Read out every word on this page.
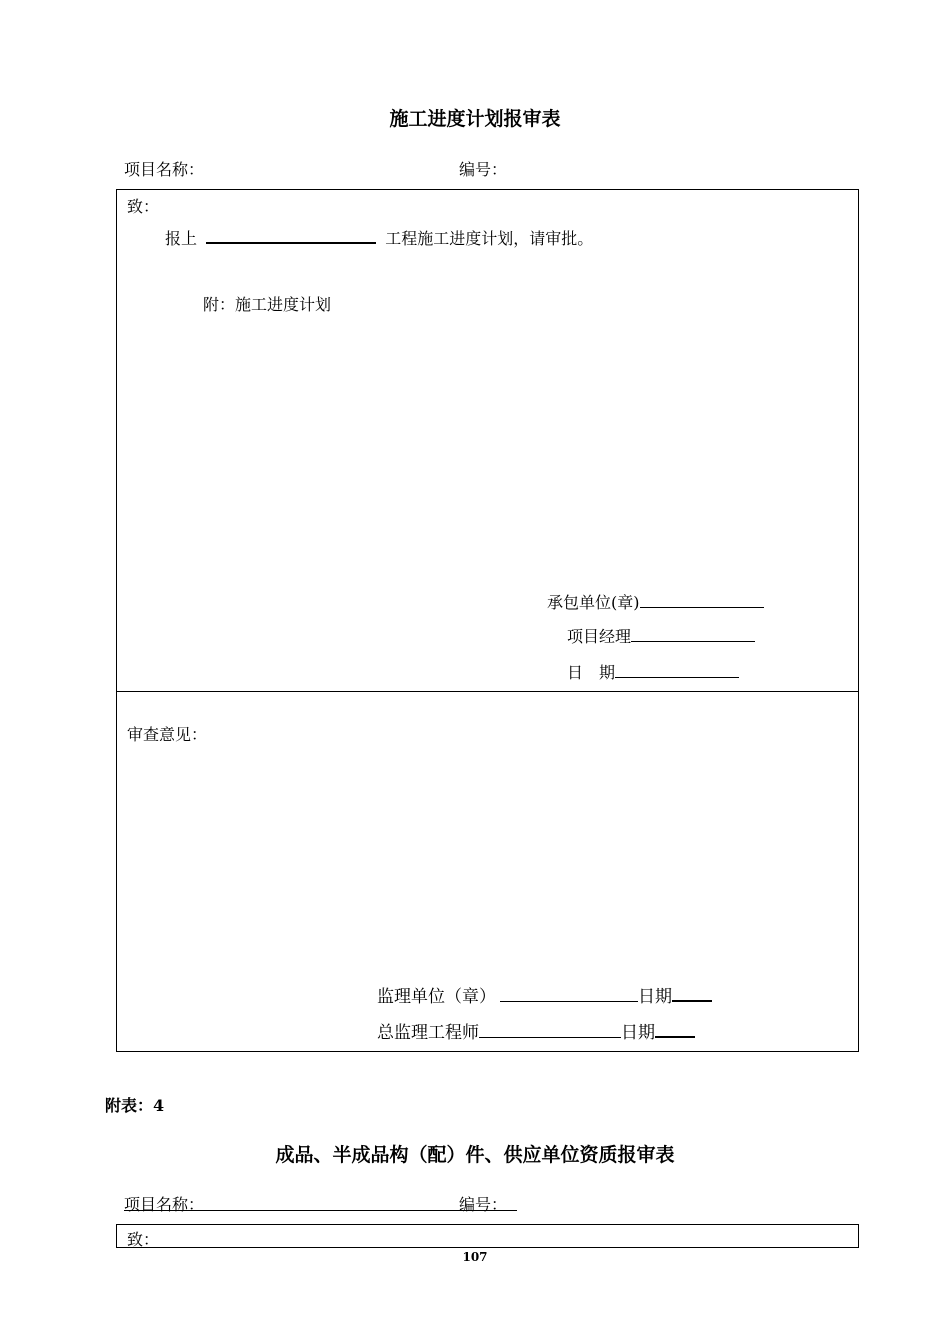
施工进度计划报审表
项目名称：	编号：
致：
报上	工程施工进度计划，请审批。
附：施工进度计划
承包单位(章)
项目经理
日　期
审查意见：
监理单位（章）	日期
总监理工程师	日期
附表：4
成品、半成品构（配）件、供应单位资质报审表
项目名称：	编号：
致：
107
